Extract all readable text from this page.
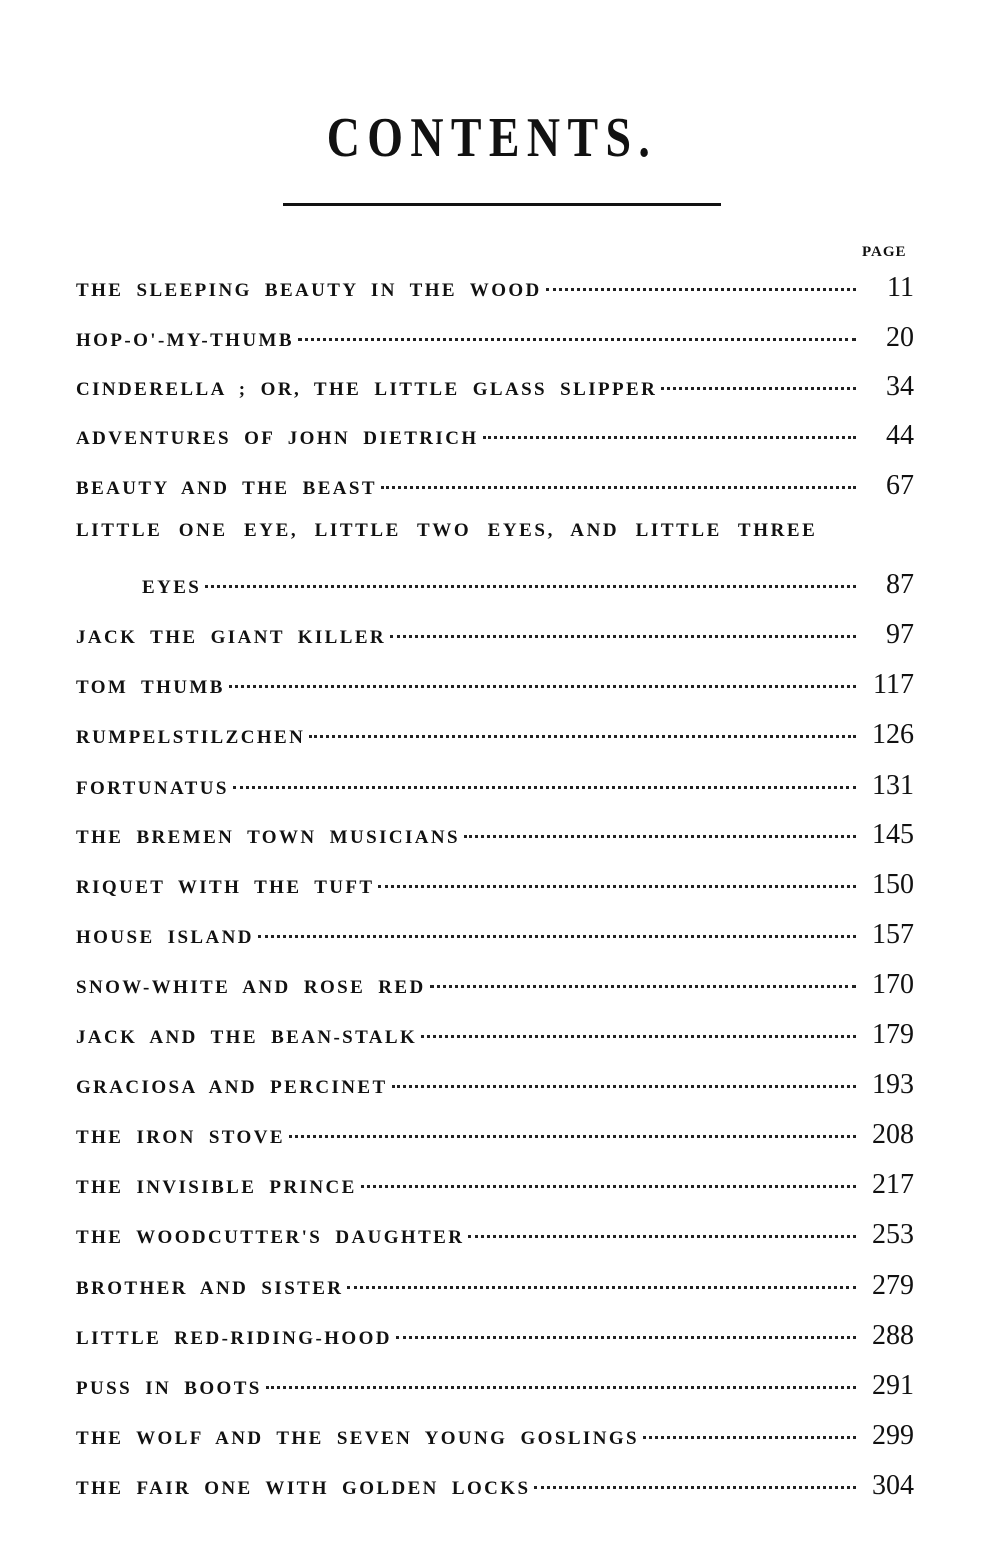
CONTENTS.
PAGE
THE SLEEPING BEAUTY IN THE WOOD	11
HOP-O'-MY-THUMB	20
CINDERELLA ; OR, THE LITTLE GLASS SLIPPER	34
ADVENTURES OF JOHN DIETRICH	44
BEAUTY AND THE BEAST	67
LITTLE ONE EYE, LITTLE TWO EYES, AND LITTLE THREE
EYES	87
JACK THE GIANT KILLER	97
TOM THUMB	117
RUMPELSTILZCHEN	126
FORTUNATUS	131
THE BREMEN TOWN MUSICIANS	145
RIQUET WITH THE TUFT	150
HOUSE ISLAND	157
SNOW-WHITE AND ROSE RED	170
JACK AND THE BEAN-STALK	179
GRACIOSA AND PERCINET	193
THE IRON STOVE	208
THE INVISIBLE PRINCE	217
THE WOODCUTTER'S DAUGHTER	253
BROTHER AND SISTER	279
LITTLE RED-RIDING-HOOD	288
PUSS IN BOOTS	291
THE WOLF AND THE SEVEN YOUNG GOSLINGS	299
THE FAIR ONE WITH GOLDEN LOCKS	304
